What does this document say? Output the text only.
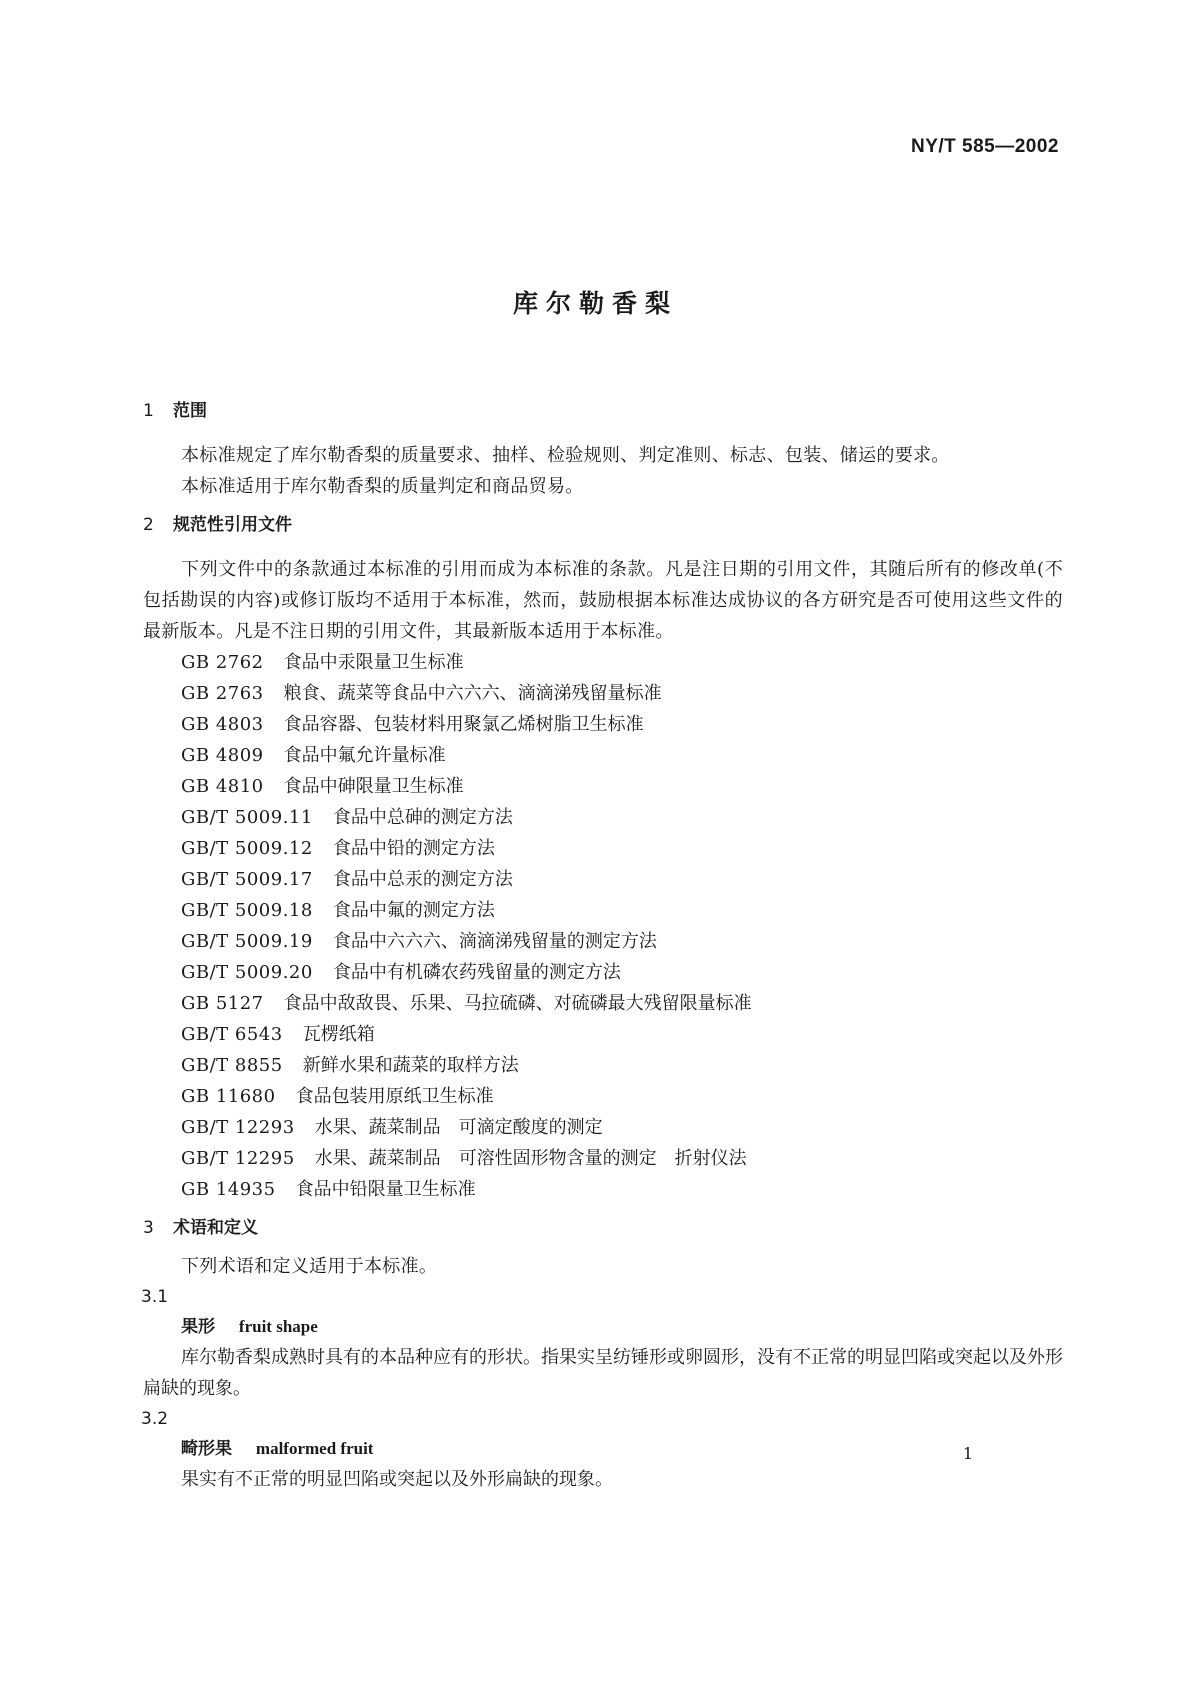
NY/T 585—2002
库尔勒香梨
1	范围

本标准规定了库尔勒香梨的质量要求、抽样、检验规则、判定准则、标志、包装、储运的要求。

本标准适用于库尔勒香梨的质量判定和商品贸易。

2	规范性引用文件

下列文件中的条款通过本标准的引用而成为本标准的条款。凡是注日期的引用文件，其随后所有的修改单(不包括勘误的内容)或修订版均不适用于本标准，然而，鼓励根据本标准达成协议的各方研究是否可使用这些文件的最新版本。凡是不注日期的引用文件，其最新版本适用于本标准。

GB 2762 食品中汞限量卫生标准
GB 2763 粮食、蔬菜等食品中六六六、滴滴涕残留量标准
GB 4803 食品容器、包装材料用聚氯乙烯树脂卫生标准
GB 4809 食品中氟允许量标准
GB 4810 食品中砷限量卫生标准
GB/T 5009.11 食品中总砷的测定方法
GB/T 5009.12 食品中铅的测定方法
GB/T 5009.17 食品中总汞的测定方法
GB/T 5009.18 食品中氟的测定方法
GB/T 5009.19 食品中六六六、滴滴涕残留量的测定方法
GB/T 5009.20 食品中有机磷农药残留量的测定方法
GB 5127 食品中敌敌畏、乐果、马拉硫磷、对硫磷最大残留限量标准
GB/T 6543 瓦楞纸箱
GB/T 8855 新鲜水果和蔬菜的取样方法
GB 11680 食品包装用原纸卫生标准
GB/T 12293 水果、蔬菜制品　可滴定酸度的测定
GB/T 12295 水果、蔬菜制品　可溶性固形物含量的测定　折射仪法
GB 14935 食品中铅限量卫生标准
3	术语和定义

下列术语和定义适用于本标准。

3.1
果形 fruit shape

库尔勒香梨成熟时具有的本品种应有的形状。指果实呈纺锤形或卵圆形，没有不正常的明显凹陷或突起以及外形扁缺的现象。

3.2
畸形果 malformed fruit

果实有不正常的明显凹陷或突起以及外形扁缺的现象。

1
